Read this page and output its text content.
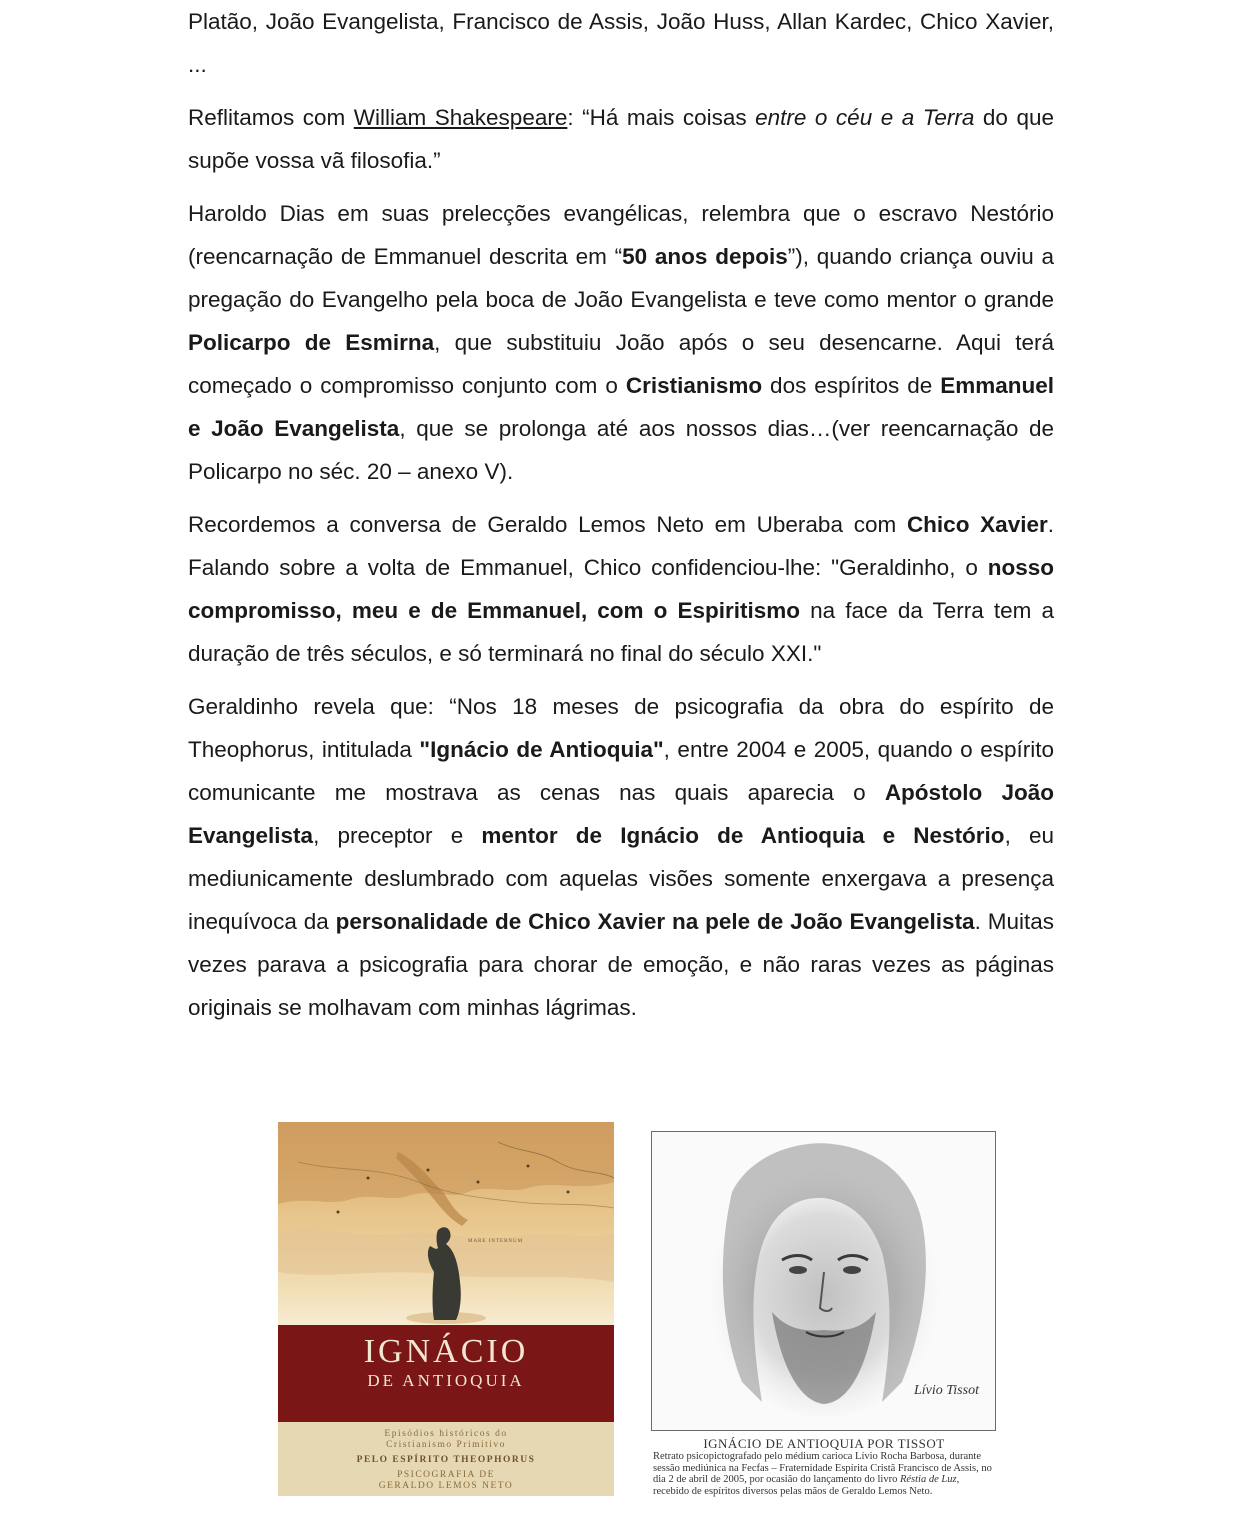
Platão, João Evangelista, Francisco de Assis, João Huss, Allan Kardec, Chico Xavier, ...

Reflitamos com William Shakespeare: “Há mais coisas entre o céu e a Terra do que supõe vossa vã filosofia.”

Haroldo Dias em suas prelecções evangélicas, relembra que o escravo Nestório (reencarnação de Emmanuel descrita em “50 anos depois”), quando criança ouviu a pregação do Evangelho pela boca de João Evangelista e teve como mentor o grande Policarpo de Esmirna, que substituiu João após o seu desencarne. Aqui terá começado o compromisso conjunto com o Cristianismo dos espíritos de Emmanuel e João Evangelista, que se prolonga até aos nossos dias…(ver reencarnação de Policarpo no séc. 20 – anexo V).

Recordemos a conversa de Geraldo Lemos Neto em Uberaba com Chico Xavier. Falando sobre a volta de Emmanuel, Chico confidenciou-lhe: "Geraldinho, o nosso compromisso, meu e de Emmanuel, com o Espiritismo na face da Terra tem a duração de três séculos, e só terminará no final do século XXI."

Geraldinho revela que: “Nos 18 meses de psicografia da obra do espírito de Theophorus, intitulada "Ignácio de Antioquia", entre 2004 e 2005, quando o espírito comunicante me mostrava as cenas nas quais aparecia o Apóstolo João Evangelista, preceptor e mentor de Ignácio de Antioquia e Nestório, eu mediunicamente deslumbrado com aquelas visões somente enxergava a presença inequívoca da personalidade de Chico Xavier na pele de João Evangelista. Muitas vezes parava a psicografia para chorar de emoção, e não raras vezes as páginas originais se molhavam com minhas lágrimas.

MARE INTERNUM
IGNÁCIO
DE ANTIOQUIA
Episódios históricos do
Cristianismo Primitivo
PELO ESPÍRITO THEOPHORUS
PSICOGRAFIA DE
GERALDO LEMOS NETO
Lívio Tissot
IGNÁCIO DE ANTIOQUIA POR TISSOT
Retrato psicopictografado pelo médium carioca Lívio Rocha Barbosa, durante sessão mediúnica na Fecfas – Fraternidade Espírita Cristã Francisco de Assis, no dia 2 de abril de 2005, por ocasião do lançamento do livro Réstia de Luz, recebido de espíritos diversos pelas mãos de Geraldo Lemos Neto.
